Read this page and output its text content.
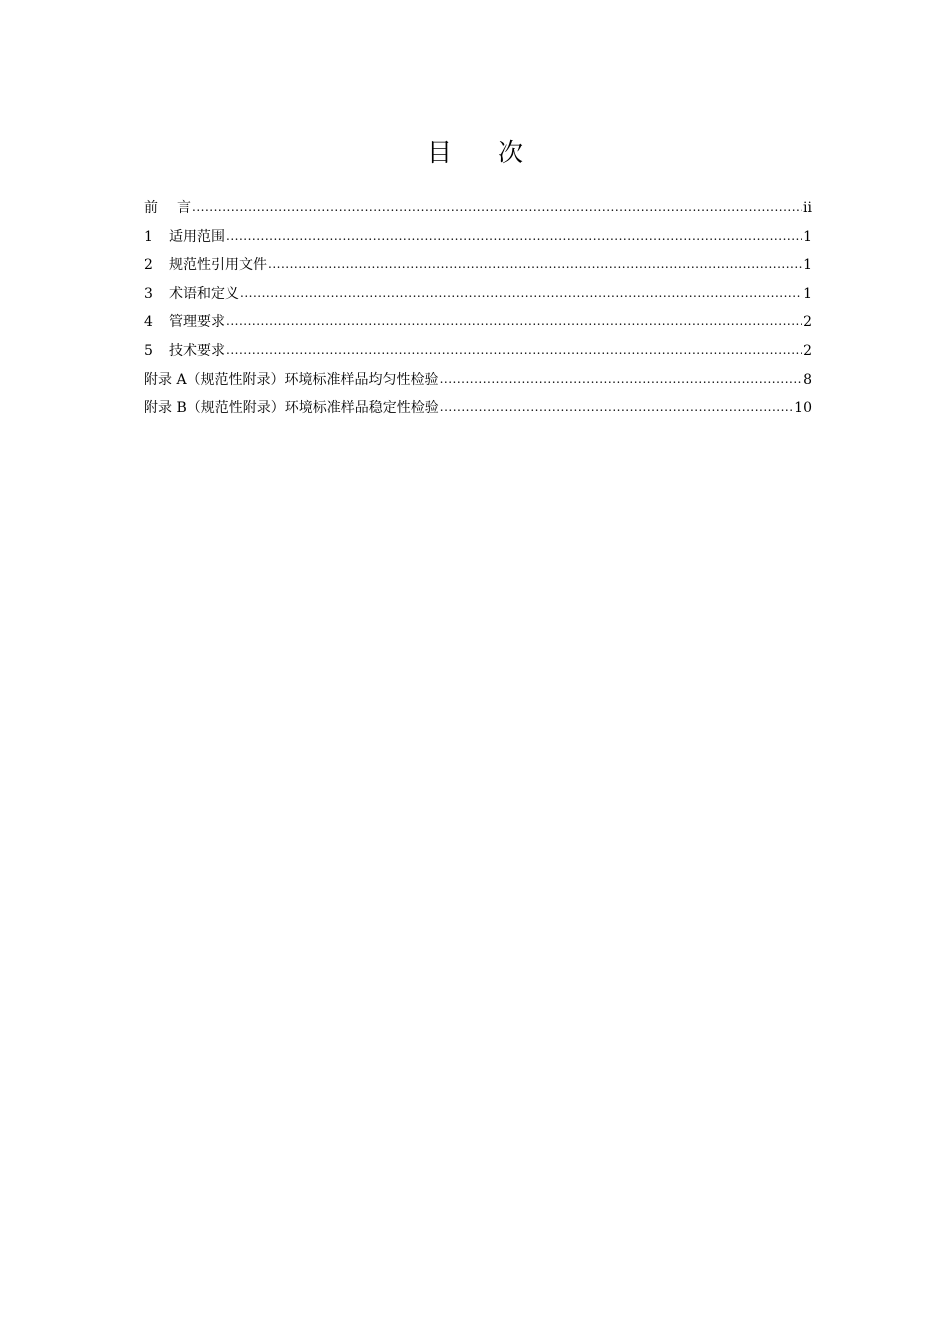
目 次
前 言 .....	ii
1	适用范围 .....	1
2	规范性引用文件 .....	1
3	术语和定义 .....	1
4	管理要求 .....	2
5	技术要求 .....	2
附录 A（规范性附录）环境标准样品均匀性检验 .....	8
附录 B（规范性附录）环境标准样品稳定性检验 .....	10
